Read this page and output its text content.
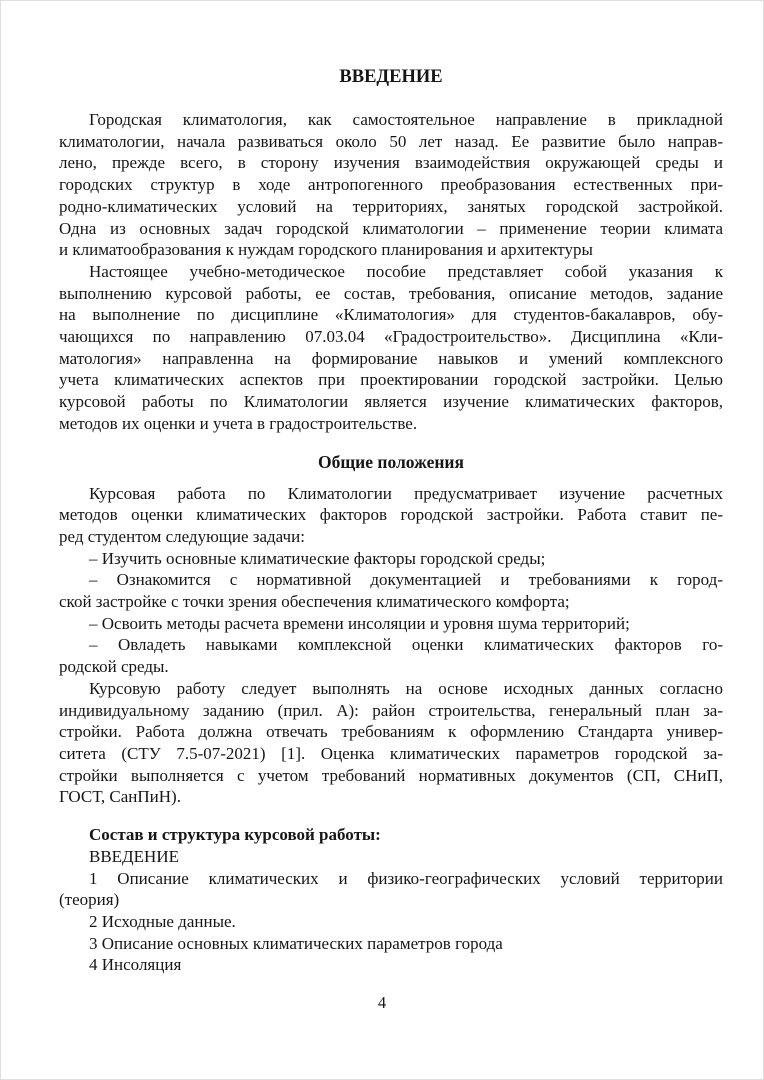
ВВЕДЕНИЕ
Городская климатология, как самостоятельное направление в прикладной
климатологии, начала развиваться около 50 лет назад. Ее развитие было направ-
лено, прежде всего, в сторону изучения взаимодействия окружающей среды и
городских структур в ходе антропогенного преобразования естественных при-
родно-климатических условий на территориях, занятых городской застройкой.
Одна из основных задач городской климатологии – применение теории климата
и климатообразования к нуждам городского планирования и архитектуры
Настоящее учебно-методическое пособие представляет собой указания к
выполнению курсовой работы, ее состав, требования, описание методов, задание
на выполнение по дисциплине «Климатология» для студентов-бакалавров, обу-
чающихся по направлению 07.03.04 «Градостроительство». Дисциплина «Кли-
матология» направленна на формирование навыков и умений комплексного
учета климатических аспектов при проектировании городской застройки. Целью
курсовой работы по Климатологии является изучение климатических факторов,
методов их оценки и учета в градостроительстве.
Общие положения
Курсовая работа по Климатологии предусматривает изучение расчетных
методов оценки климатических факторов городской застройки. Работа ставит пе-
ред студентом следующие задачи:
– Изучить основные климатические факторы городской среды;
– Ознакомится с нормативной документацией и требованиями к город-
ской застройке с точки зрения обеспечения климатического комфорта;
– Освоить методы расчета времени инсоляции и уровня шума территорий;
– Овладеть навыками комплексной оценки климатических факторов го-
родской среды.
Курсовую работу следует выполнять на основе исходных данных согласно
индивидуальному заданию (прил. А): район строительства, генеральный план за-
стройки. Работа должна отвечать требованиям к оформлению Стандарта универ-
ситета (СТУ 7.5-07-2021) [1]. Оценка климатических параметров городской за-
стройки выполняется с учетом требований нормативных документов (СП, СНиП,
ГОСТ, СанПиН).
Состав и структура курсовой работы:
ВВЕДЕНИЕ
1 Описание климатических и физико-географических условий территории
(теория)
2 Исходные данные.
3 Описание основных климатических параметров города
4 Инсоляция
4
